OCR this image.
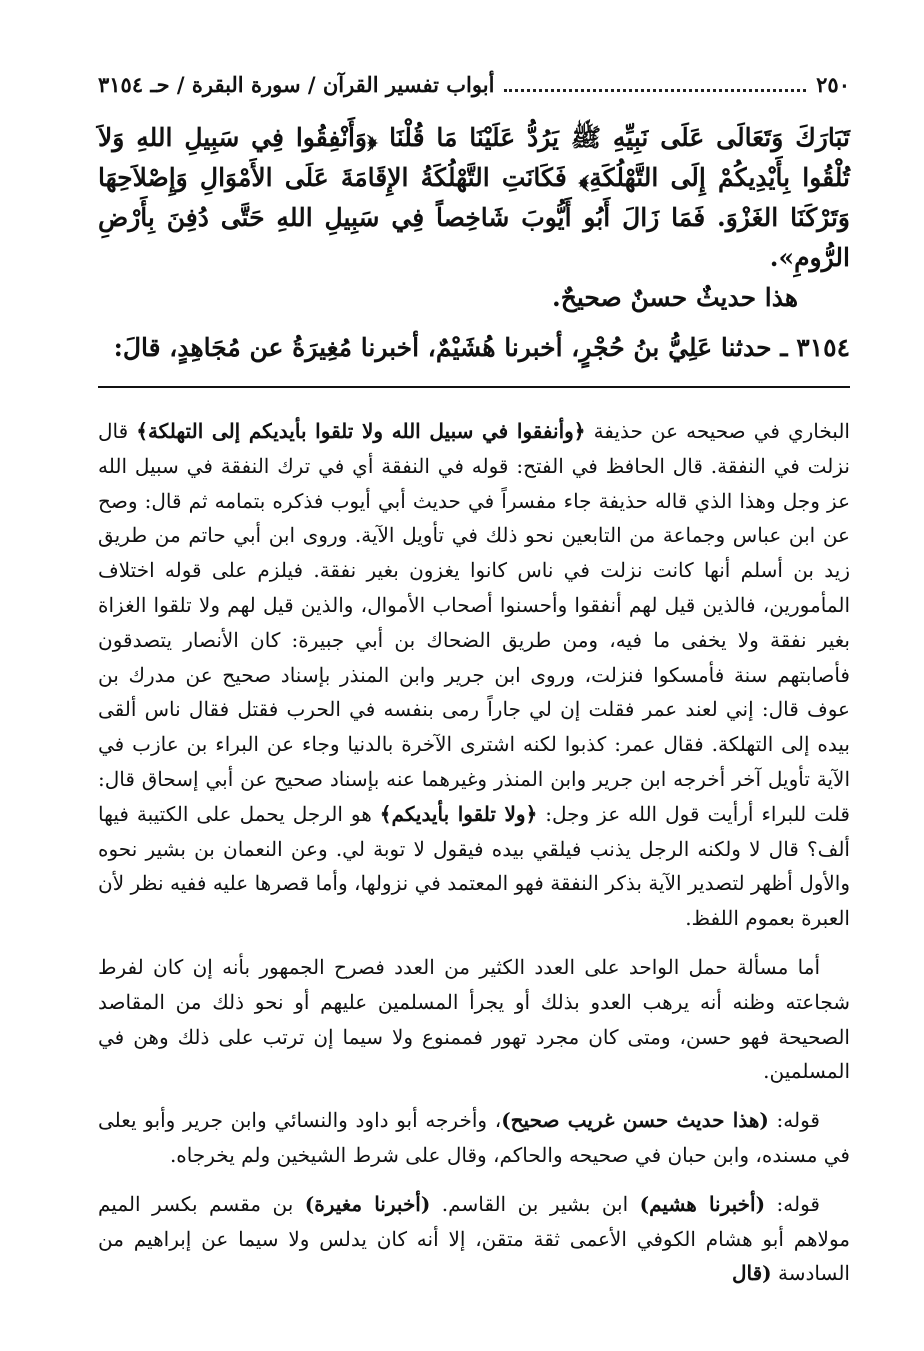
٢٥٠
أبواب تفسير القرآن / سورة البقرة / حـ ٣١٥٤

تَبَارَكَ وَتَعَالَى عَلَى نَبِيِّهِ ﷺ يَرُدُّ عَلَيْنَا مَا قُلْنَا ﴿وَأَنْفِقُوا فِي سَبِيلِ اللهِ وَلاَ تُلْقُوا بِأَيْدِيكُمْ إِلَى التَّهْلُكَةِ﴾ فَكَانَتِ التَّهْلُكَةُ الإِقَامَةَ عَلَى الأَمْوَالِ وَإِصْلاَحِهَا وَتَرْكَنَا الغَزْوَ. فَمَا زَالَ أَبُو أَيُّوبَ شَاخِصاً فِي سَبِيلِ اللهِ حَتَّى دُفِنَ بِأَرْضِ الرُّومِ».

هذا حديثٌ حسنٌ صحيحٌ.

٣١٥٤ ـ حدثنا عَلِيُّ بنُ حُجْرٍ، أخبرنا هُشَيْمٌ، أخبرنا مُغِيرَةُ عن مُجَاهِدٍ، قالَ:

البخاري في صحيحه عن حذيفة ﴿وأنفقوا في سبيل الله ولا تلقوا بأيديكم إلى التهلكة﴾ قال نزلت في النفقة. قال الحافظ في الفتح: قوله في النفقة أي في ترك النفقة في سبيل الله عز وجل وهذا الذي قاله حذيفة جاء مفسراً في حديث أبي أيوب فذكره بتمامه ثم قال: وصح عن ابن عباس وجماعة من التابعين نحو ذلك في تأويل الآية. وروى ابن أبي حاتم من طريق زيد بن أسلم أنها كانت نزلت في ناس كانوا يغزون بغير نفقة. فيلزم على قوله اختلاف المأمورين، فالذين قيل لهم أنفقوا وأحسنوا أصحاب الأموال، والذين قيل لهم ولا تلقوا الغزاة بغير نفقة ولا يخفى ما فيه، ومن طريق الضحاك بن أبي جبيرة: كان الأنصار يتصدقون فأصابتهم سنة فأمسكوا فنزلت، وروى ابن جرير وابن المنذر بإسناد صحيح عن مدرك بن عوف قال: إني لعند عمر فقلت إن لي جاراً رمى بنفسه في الحرب فقتل فقال ناس ألقى بيده إلى التهلكة. فقال عمر: كذبوا لكنه اشترى الآخرة بالدنيا وجاء عن البراء بن عازب في الآية تأويل آخر أخرجه ابن جرير وابن المنذر وغيرهما عنه بإسناد صحيح عن أبي إسحاق قال: قلت للبراء أرأيت قول الله عز وجل: ﴿ولا تلقوا بأيديكم﴾ هو الرجل يحمل على الكتيبة فيها ألف؟ قال لا ولكنه الرجل يذنب فيلقي بيده فيقول لا توبة لي. وعن النعمان بن بشير نحوه والأول أظهر لتصدير الآية بذكر النفقة فهو المعتمد في نزولها، وأما قصرها عليه ففيه نظر لأن العبرة بعموم اللفظ.

أما مسألة حمل الواحد على العدد الكثير من العدد فصرح الجمهور بأنه إن كان لفرط شجاعته وظنه أنه يرهب العدو بذلك أو يجرأ المسلمين عليهم أو نحو ذلك من المقاصد الصحيحة فهو حسن، ومتى كان مجرد تهور فممنوع ولا سيما إن ترتب على ذلك وهن في المسلمين.

قوله: (هذا حديث حسن غريب صحيح)، وأخرجه أبو داود والنسائي وابن جرير وأبو يعلى في مسنده، وابن حبان في صحيحه والحاكم، وقال على شرط الشيخين ولم يخرجاه.

قوله: (أخبرنا هشيم) ابن بشير بن القاسم. (أخبرنا مغيرة) بن مقسم بكسر الميم مولاهم أبو هشام الكوفي الأعمى ثقة متقن، إلا أنه كان يدلس ولا سيما عن إبراهيم من السادسة (قال
